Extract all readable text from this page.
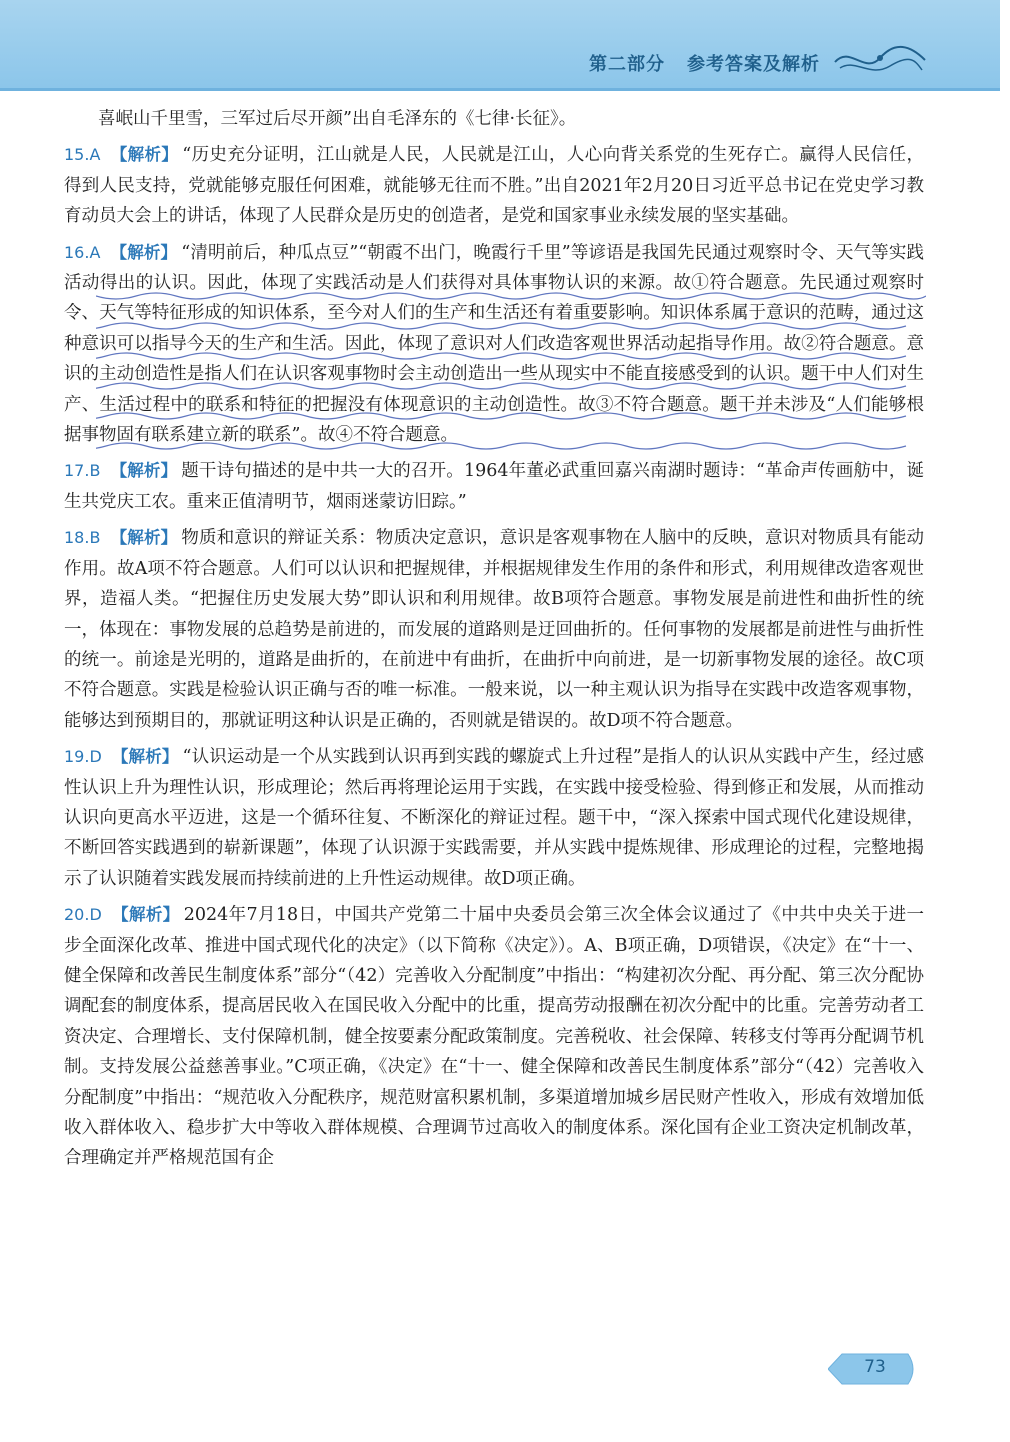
第二部分 参考答案及解析
喜岷山千里雪，三军过后尽开颜”出自毛泽东的《七律·长征》。
15.A 【解析】 “历史充分证明，江山就是人民，人民就是江山，人心向背关系党的生死存亡。赢得人民信任，得到人民支持，党就能够克服任何困难，就能够无往而不胜。”出自2021年2月20日习近平总书记在党史学习教育动员大会上的讲话，体现了人民群众是历史的创造者，是党和国家事业永续发展的坚实基础。
16.A 【解析】 “清明前后，种瓜点豆”“朝霞不出门，晚霞行千里”等谚语是我国先民通过观察时令、天气等实践活动得出的认识。因此，体现了实践活动是人们获得对具体事物认识的来源。故①符合题意。先民通过观察时令、天气等特征形成的知识体系，至今对人们的生产和生活还有着重要影响。知识体系属于意识的范畴，通过这种意识可以指导今天的生产和生活。因此，体现了意识对人们改造客观世界活动起指导作用。故②符合题意。意识的主动创造性是指人们在认识客观事物时会主动创造出一些从现实中不能直接感受到的认识。题干中人们对生产、生活过程中的联系和特征的把握没有体现意识的主动创造性。故③不符合题意。题干并未涉及“人们能够根据事物固有联系建立新的联系”。故④不符合题意。
17.B 【解析】 题干诗句描述的是中共一大的召开。1964年董必武重回嘉兴南湖时题诗：“革命声传画舫中，诞生共党庆工农。重来正值清明节，烟雨迷蒙访旧踪。”
18.B 【解析】 物质和意识的辩证关系：物质决定意识，意识是客观事物在人脑中的反映，意识对物质具有能动作用。故A项不符合题意。人们可以认识和把握规律，并根据规律发生作用的条件和形式，利用规律改造客观世界，造福人类。“把握住历史发展大势”即认识和利用规律。故B项符合题意。事物发展是前进性和曲折性的统一，体现在：事物发展的总趋势是前进的，而发展的道路则是迂回曲折的。任何事物的发展都是前进性与曲折性的统一。前途是光明的，道路是曲折的，在前进中有曲折，在曲折中向前进，是一切新事物发展的途径。故C项不符合题意。实践是检验认识正确与否的唯一标准。一般来说，以一种主观认识为指导在实践中改造客观事物，能够达到预期目的，那就证明这种认识是正确的，否则就是错误的。故D项不符合题意。
19.D 【解析】 “认识运动是一个从实践到认识再到实践的螺旋式上升过程”是指人的认识从实践中产生，经过感性认识上升为理性认识，形成理论；然后再将理论运用于实践，在实践中接受检验、得到修正和发展，从而推动认识向更高水平迈进，这是一个循环往复、不断深化的辩证过程。题干中，“深入探索中国式现代化建设规律，不断回答实践遇到的崭新课题”，体现了认识源于实践需要，并从实践中提炼规律、形成理论的过程，完整地揭示了认识随着实践发展而持续前进的上升性运动规律。故D项正确。
20.D 【解析】 2024年7月18日，中国共产党第二十届中央委员会第三次全体会议通过了《中共中央关于进一步全面深化改革、推进中国式现代化的决定》（以下简称《决定》）。A、B项正确，D项错误，《决定》在“十一、健全保障和改善民生制度体系”部分“（42）完善收入分配制度”中指出：“构建初次分配、再分配、第三次分配协调配套的制度体系，提高居民收入在国民收入分配中的比重，提高劳动报酬在初次分配中的比重。完善劳动者工资决定、合理增长、支付保障机制，健全按要素分配政策制度。完善税收、社会保障、转移支付等再分配调节机制。支持发展公益慈善事业。”C项正确，《决定》在“十一、健全保障和改善民生制度体系”部分“（42）完善收入分配制度”中指出：“规范收入分配秩序，规范财富积累机制，多渠道增加城乡居民财产性收入，形成有效增加低收入群体收入、稳步扩大中等收入群体规模、合理调节过高收入的制度体系。深化国有企业工资决定机制改革，合理确定并严格规范国有企
73
